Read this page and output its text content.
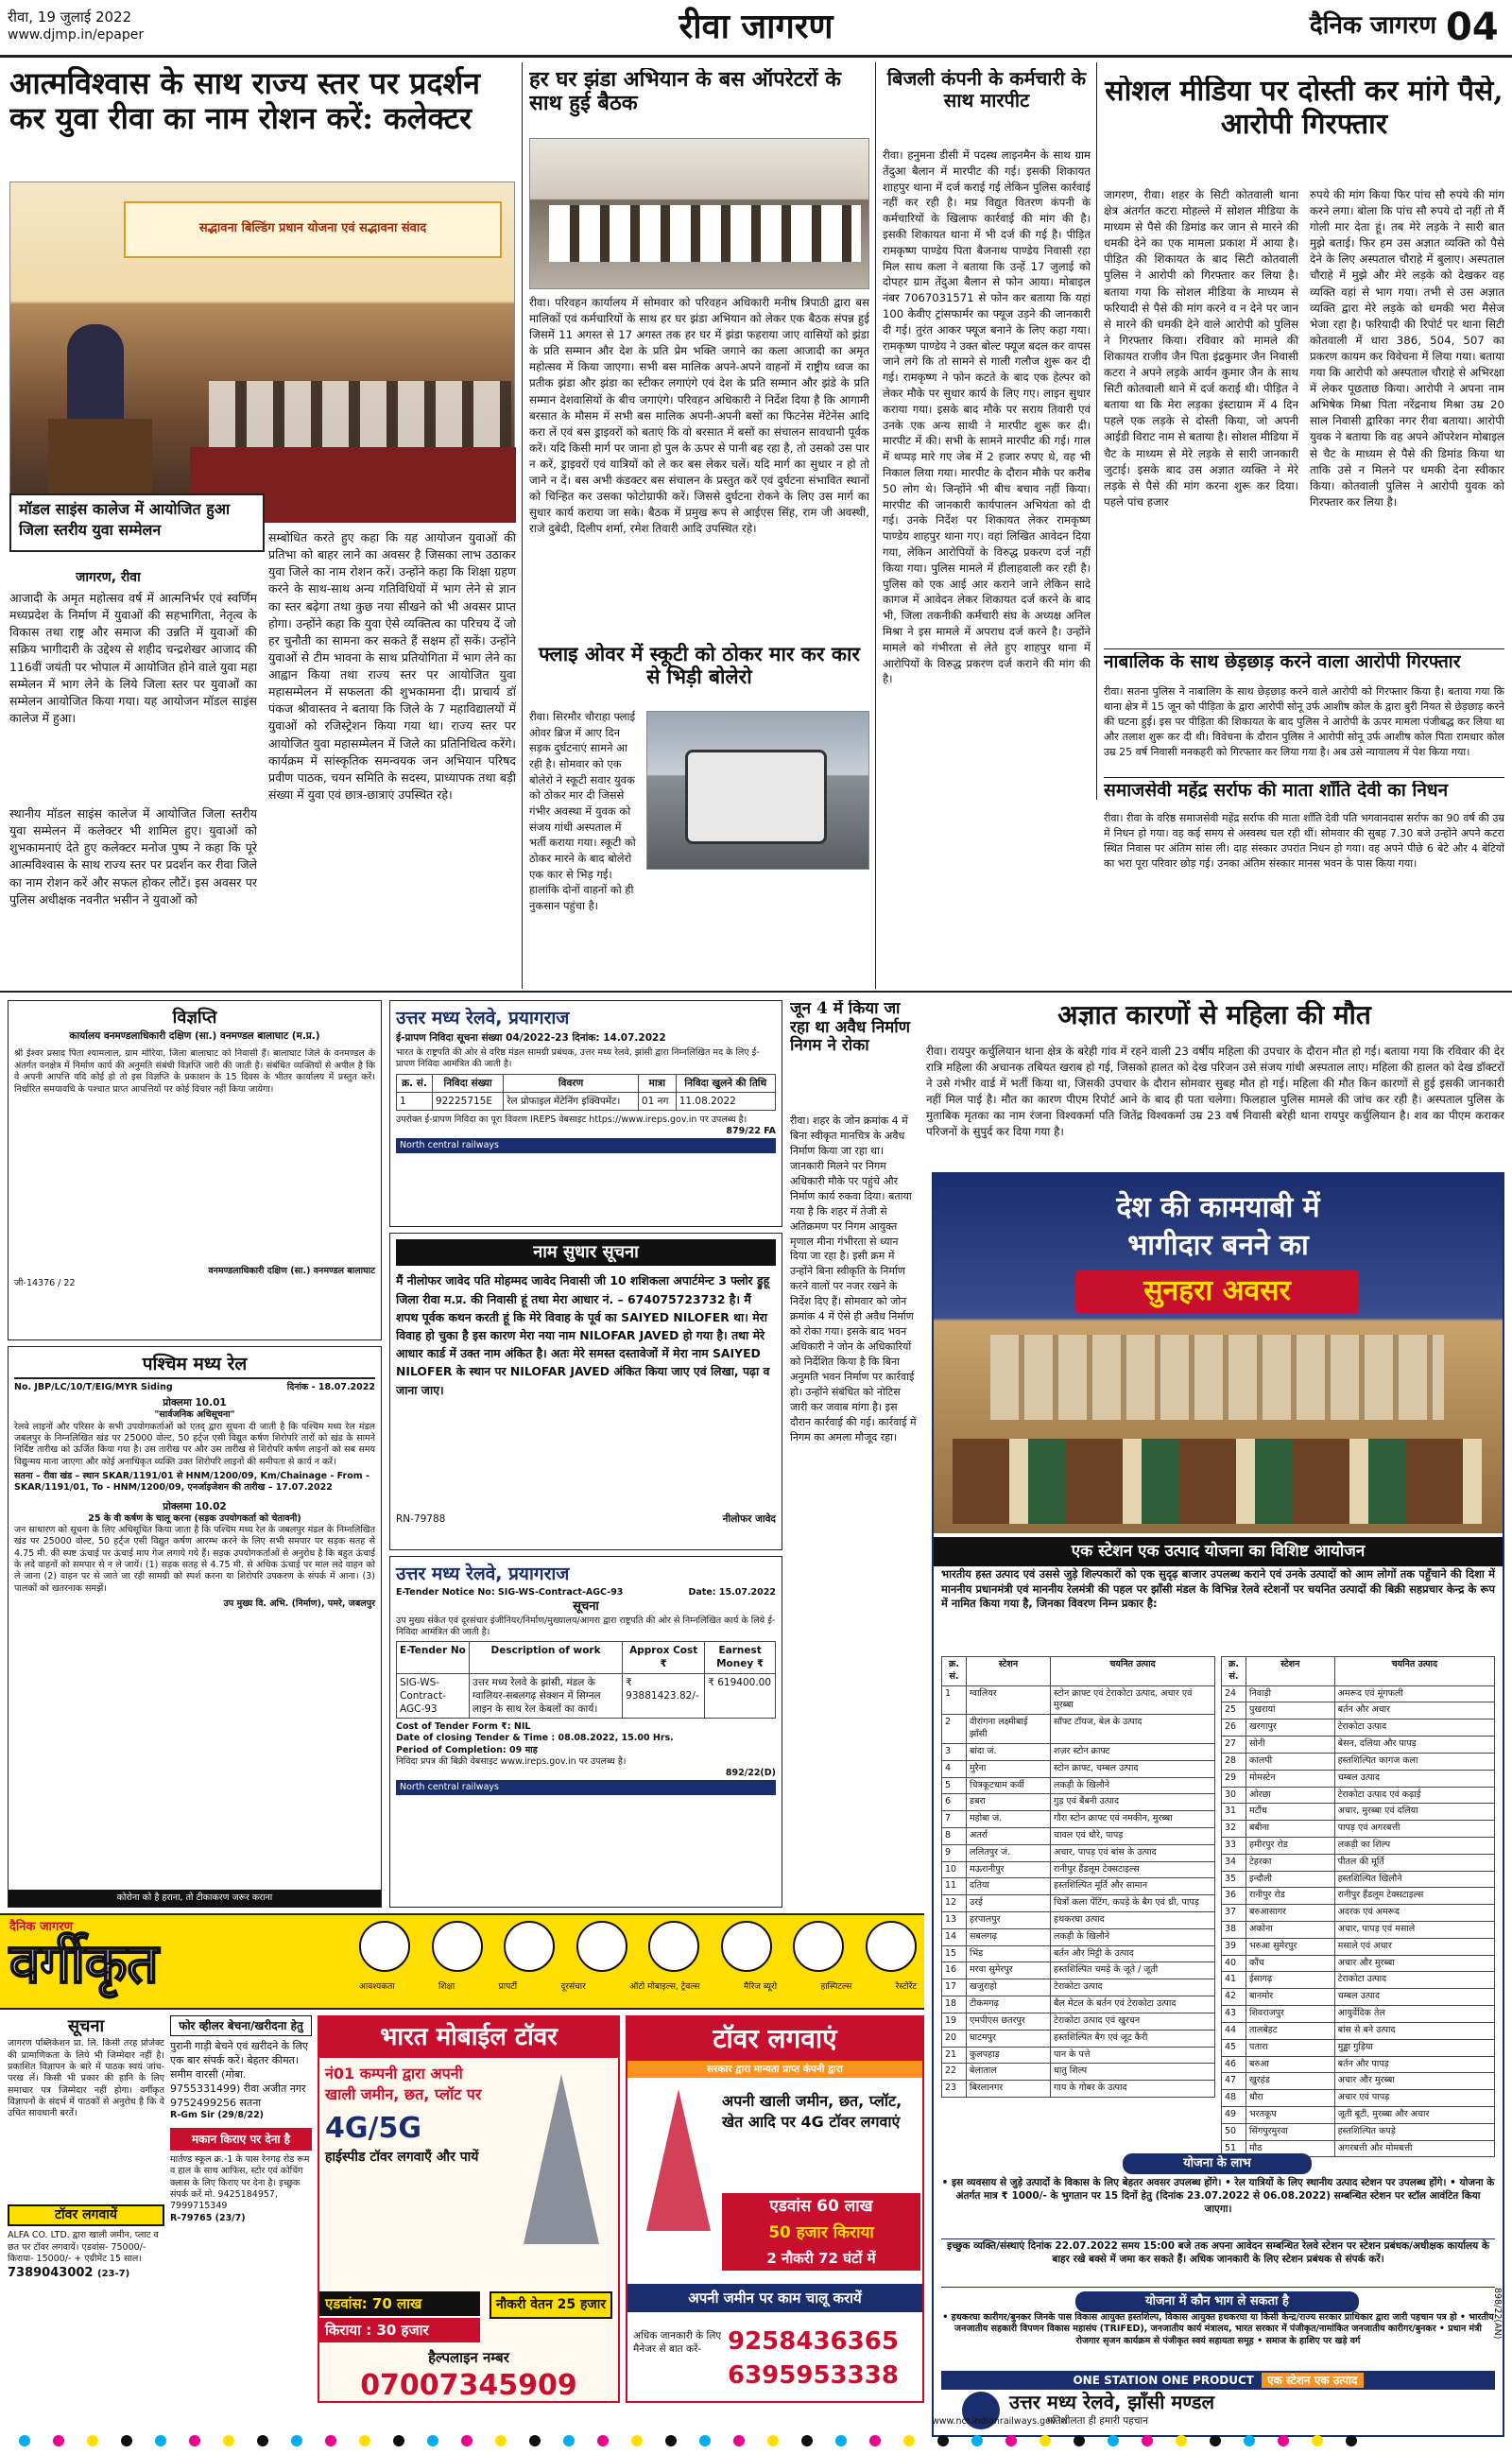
रीवा, 19 जुलाई 2022
www.djmp.in/epaper	रीवा जागरण	दैनिक जागरण 04
आत्मविश्वास के साथ राज्य स्तर पर प्रदर्शन कर युवा रीवा का नाम रोशन करें: कलेक्टर
सद्भावना बिल्डिंग प्रधान योजना एवं सद्भावना संवाद
मॉडल साइंस कालेज में आयोजित हुआ जिला स्तरीय युवा सम्मेलन
जागरण, रीवा
आजादी के अमृत महोत्सव वर्ष में आत्मनिर्भर एवं स्वर्णिम मध्यप्रदेश के निर्माण में युवाओं की सहभागिता, नेतृत्व के विकास तथा राष्ट्र और समाज की उन्नति में युवाओं की सक्रिय भागीदारी के उद्देश्य से शहीद चन्द्रशेखर आजाद की 116वीं जयंती पर भोपाल में आयोजित होने वाले युवा महा सम्मेलन में भाग लेने के लिये जिला स्तर पर युवाओं का सम्मेलन आयोजित किया गया। यह आयोजन मॉडल साइंस कालेज में हुआ।
स्थानीय मॉडल साइंस कालेज में आयोजित जिला स्तरीय युवा सम्मेलन में कलेक्टर भी शामिल हुए। युवाओं को शुभकामनाएं देते हुए कलेक्टर मनोज पुष्प ने कहा कि पूरे आत्मविश्वास के साथ राज्य स्तर पर प्रदर्शन कर रीवा जिले का नाम रोशन करें और सफल होकर लौटें। इस अवसर पर पुलिस अधीक्षक नवनीत भसीन ने युवाओं को
सम्बोधित करते हुए कहा कि यह आयोजन युवाओं की प्रतिभा को बाहर लाने का अवसर है जिसका लाभ उठाकर युवा जिले का नाम रोशन करें। उन्होंने कहा कि शिक्षा ग्रहण करने के साथ-साथ अन्य गतिविधियों में भाग लेने से ज्ञान का स्तर बढ़ेगा तथा कुछ नया सीखने को भी अवसर प्राप्त होगा। उन्होंने कहा कि युवा ऐसे व्यक्तित्व का परिचय दें जो हर चुनौती का सामना कर सकते हैं सक्षम हों सकें। उन्होंने युवाओं से टीम भावना के साथ प्रतियोगिता में भाग लेने का आह्वान किया तथा राज्य स्तर पर आयोजित युवा महासम्मेलन में सफलता की शुभकामना दी। प्राचार्य डॉ पंकज श्रीवास्तव ने बताया कि जिले के 7 महाविद्यालयों में युवाओं को रजिस्ट्रेशन किया गया था। राज्य स्तर पर आयोजित युवा महासम्मेलन में जिले का प्रतिनिधित्व करेंगे। कार्यक्रम में सांस्कृतिक समन्वयक जन अभियान परिषद प्रवीण पाठक, चयन समिति के सदस्य, प्राध्यापक तथा बड़ी संख्या में युवा एवं छात्र-छात्राएं उपस्थित रहे।
हर घर झंडा अभियान के बस ऑपरेटरों के साथ हुई बैठक
रीवा। परिवहन कार्यालय में सोमवार को परिवहन अधिकारी मनीष त्रिपाठी द्वारा बस मालिकों एवं कर्मचारियों के साथ हर घर झंडा अभियान को लेकर एक बैठक संपन्न हुई जिसमें 11 अगस्त से 17 अगस्त तक हर घर में झंडा फहराया जाए वासियों को झंडा के प्रति सम्मान और देश के प्रति प्रेम भक्ति जगाने का कला आजादी का अमृत महोत्सव में किया जाएगा। सभी बस मालिक अपने-अपने वाहनों में राष्ट्रीय ध्वज का प्रतीक झंडा और झंडा का स्टीकर लगाएंगे एवं देश के प्रति सम्मान और झंडे के प्रति सम्मान देशवासियों के बीच जगाएंगे। परिवहन अधिकारी ने निर्देश दिया है कि आगामी बरसात के मौसम में सभी बस मालिक अपनी-अपनी बसों का फिटनेस मेंटेनेंस आदि करा लें एवं बस ड्राइवरों को बताएं कि वो बरसात में बसों का संचालन सावधानी पूर्वक करें। यदि किसी मार्ग पर जाना हो पुल के ऊपर से पानी बह रहा है, तो उसको उस पार न करें, ड्राइवरों एवं यात्रियों को ले कर बस लेकर चलें। यदि मार्ग का सुधार न हो तो जाने न दें। बस अभी कंडक्टर बस संचालन के प्रस्तुत करें एवं दुर्घटना संभावित स्थानों को चिन्हित कर उसका फोटोग्राफी करें। जिससे दुर्घटना रोकने के लिए उस मार्ग का सुधार कार्य कराया जा सके। बैठक में प्रमुख रूप से आईएस सिंह, राम जी अवस्थी, राजे दुबेदी, दिलीप शर्मा, रमेश तिवारी आदि उपस्थित रहे।
फ्लाइ ओवर में स्कूटी को ठोकर मार कर कार से भिड़ी बोलेरो
रीवा। सिरमौर चौराहा फ्लाई ओवर ब्रिज में आए दिन सड़क दुर्घटनाएं सामने आ रही है। सोमवार को एक बोलेरो ने स्कूटी सवार युवक को ठोकर मार दी जिससे गंभीर अवस्था में युवक को संजय गांधी अस्पताल में भर्ती कराया गया। स्कूटी को ठोकर मारने के बाद बोलेरो एक कार से भिड़ गई। हालांकि दोनों वाहनों को ही नुकसान पहुंचा है।
बिजली कंपनी के कर्मचारी के साथ मारपीट
रीवा। हनुमना डीसी में पदस्थ लाइनमैन के साथ ग्राम तेंदुआ बैलान में मारपीट की गई। इसकी शिकायत शाहपुर थाना में दर्ज कराई गई लेकिन पुलिस कार्रवाई नहीं कर रही है। मप्र विद्युत वितरण कंपनी के कर्मचारियों के खिलाफ कार्रवाई की मांग की है। इसकी शिकायत थाना में भी दर्ज की गई है। पीड़ित रामकृष्ण पाण्डेय पिता बैजनाथ पाण्डेय निवासी रहा मिल साथ कला ने बताया कि उन्हें 17 जुलाई को दोपहर ग्राम तेंदुआ बैलान से फोन आया। मोबाइल नंबर 7067031571 से फोन कर बताया कि यहां 100 केवीए ट्रांसफार्मर का फ्यूज उड़ने की जानकारी दी गई। तुरंत आकर फ्यूज बनाने के लिए कहा गया। रामकृष्ण पाण्डेय ने उक्त बोल्ट फ्यूज बदल कर वापस जाने लगे कि तो सामने से गाली गलौज शुरू कर दी गई। रामकृष्ण ने फोन कटते के बाद एक हेल्पर को लेकर मौके पर सुधार कार्य के लिए गए। लाइन सुधार कराया गया। इसके बाद मौके पर सराय तिवारी एवं उनके एक अन्य साथी ने मारपीट शुरू कर दी। मारपीट में की। सभी के सामने मारपीट की गई। गाल में थप्पड़ मारे गए जेब में 2 हजार रुपए थे, वह भी निकाल लिया गया। मारपीट के दौरान मौके पर करीब 50 लोग थे। जिन्होंने भी बीच बचाव नहीं किया। मारपीट की जानकारी कार्यपालन अभियंता को दी गई। उनके निर्देश पर शिकायत लेकर रामकृष्ण पाण्डेय शाहपुर थाना गए। वहां लिखित आवेदन दिया गया, लेकिन आरोपियों के विरुद्ध प्रकरण दर्ज नहीं किया गया। पुलिस मामले में हीलाहवाली कर रही है। पुलिस को एक आई आर कराने जाने लेकिन सादे कागज में आवेदन लेकर शिकायत दर्ज करने के बाद भी, जिला तकनीकी कर्मचारी संघ के अध्यक्ष अनिल मिश्रा ने इस मामले में अपराध दर्ज करने है। उन्होंने मामले को गंभीरता से लेते हुए शाहपुर थाना में आरोपियों के विरुद्ध प्रकरण दर्ज कराने की मांग की है।
सोशल मीडिया पर दोस्ती कर मांगे पैसे, आरोपी गिरफ्तार
जागरण, रीवा। शहर के सिटी कोतवाली थाना क्षेत्र अंतर्गत कटरा मोहल्ले में सोशल मीडिया के माध्यम से पैसे की डिमांड कर जान से मारने की धमकी देने का एक मामला प्रकाश में आया है। पीड़ित की शिकायत के बाद सिटी कोतवाली पुलिस ने आरोपी को गिरफ्तार कर लिया है। बताया गया कि सोशल मीडिया के माध्यम से फरियादी से पैसे की मांग करने व न देने पर जान से मारने की धमकी देने वाले आरोपी को पुलिस ने गिरफ्तार किया। रविवार को मामले की शिकायत राजीव जैन पिता इंद्रकुमार जैन निवासी कटरा ने अपने लड़के आर्यन कुमार जैन के साथ सिटी कोतवाली थाने में दर्ज कराई थी। पीड़ित ने बताया था कि मेरा लड़का इंस्टाग्राम में 4 दिन पहले एक लड़के से दोस्ती किया, जो अपनी आईडी विराट नाम से बताया है। सोशल मीडिया में चैट के माध्यम से मेरे लड़के से सारी जानकारी जुटाई। इसके बाद उस अज्ञात व्यक्ति ने मेरे लड़के से पैसे की मांग करना शुरू कर दिया। पहले पांच हजार
रुपये की मांग किया फिर पांच सौ रुपये की मांग करने लगा। बोला कि पांच सौ रुपये दो नहीं तो मैं गोली मार देता हूं। तब मेरे लड़के ने सारी बात मुझे बताई। फिर हम उस अज्ञात व्यक्ति को पैसे देने के लिए अस्पताल चौराहे में बुलाए। अस्पताल चौराहे में मुझे और मेरे लड़के को देखकर वह व्यक्ति वहां से भाग गया। तभी से उस अज्ञात व्यक्ति द्वारा मेरे लड़के को धमकी भरा मैसेज भेजा रहा है। फरियादी की रिपोर्ट पर थाना सिटी कोतवाली में धारा 386, 504, 507 का प्रकरण कायम कर विवेचना में लिया गया। बताया गया कि आरोपी को अस्पताल चौराहे से अभिरक्षा में लेकर पूछताछ किया। आरोपी ने अपना नाम अभिषेक मिश्रा पिता नरेंद्रनाथ मिश्रा उम्र 20 साल निवासी द्वारिका नगर रीवा बताया। आरोपी युवक ने बताया कि वह अपने ऑपरेशन मोबाइल से चैट के माध्यम से पैसे की डिमांड किया था ताकि उसे न मिलने पर धमकी देना स्वीकार किया। कोतवाली पुलिस ने आरोपी युवक को गिरफ्तार कर लिया है।
नाबालिक के साथ छेड़छाड़ करने वाला आरोपी गिरफ्तार
रीवा। सतना पुलिस ने नाबालिग के साथ छेड़छाड़ करने वाले आरोपी को गिरफ्तार किया है। बताया गया कि थाना क्षेत्र में 15 जून को पीड़िता के द्वारा आरोपी सोनू उर्फ आशीष कोल के द्वारा बुरी नियत से छेड़छाड़ करने की घटना हुई। इस पर पीड़िता की शिकायत के बाद पुलिस ने आरोपी के ऊपर मामला पंजीबद्ध कर लिया था और तलाश शुरू कर दी थी। विवेचना के दौरान पुलिस ने आरोपी सोनू उर्फ आशीष कोल पिता रामधार कोल उम्र 25 वर्ष निवासी मनकहरी को गिरफ्तार कर लिया गया है। अब उसे न्यायालय में पेश किया गया।
समाजसेवी महेंद्र सर्राफ की माता शाँति देवी का निधन
रीवा। रीवा के वरिष्ठ समाजसेवी महेंद्र सर्राफ की माता शाँति देवी पति भगवानदास सर्राफ का 90 वर्ष की उम्र में निधन हो गया। वह कई समय से अस्वस्थ चल रही थीं। सोमवार की सुबह 7.30 बजे उन्होंने अपने कटरा स्थित निवास पर अंतिम सांस ली। दाह संस्कार उपरांत निधन हो गया। वह अपने पीछे 6 बेटे और 4 बेटियों का भरा पूरा परिवार छोड़ गई। उनका अंतिम संस्कार मानस भवन के पास किया गया।
अज्ञात कारणों से महिला की मौत
रीवा। रायपुर कर्चुलियान थाना क्षेत्र के बरेही गांव में रहने वाली 23 वर्षीय महिला की उपचार के दौरान मौत हो गई। बताया गया कि रविवार की देर रात्रि महिला की अचानक तबियत खराब हो गई, जिसको हालत को देख परिजन उसे संजय गांधी अस्पताल लाए। महिला की हालत को देख डॉक्टरों ने उसे गंभीर वार्ड में भर्ती किया था, जिसकी उपचार के दौरान सोमवार सुबह मौत हो गई। महिला की मौत किन कारणों से हुई इसकी जानकारी नहीं मिल पाई है। मौत का कारण पीएम रिपोर्ट आने के बाद ही पता चलेगा। फिलहाल पुलिस मामले की जांच कर रही है। अस्पताल पुलिस के मुताबिक मृतका का नाम रंजना विश्वकर्मा पति जितेंद्र विश्वकर्मा उम्र 23 वर्ष निवासी बरेही थाना रायपुर कर्चुलियान है। शव का पीएम कराकर परिजनों के सुपुर्द कर दिया गया है।
जून 4 में किया जा रहा था अवैध निर्माण निगम ने रोका
रीवा। शहर के जोन क्रमांक 4 में बिना स्वीकृत मानचित्र के अवैध निर्माण किया जा रहा था। जानकारी मिलने पर निगम अधिकारी मौके पर पहुंचे और निर्माण कार्य रुकवा दिया। बताया गया है कि शहर में तेजी से अतिक्रमण पर निगम आयुक्त मृणाल मीना गंभीरता से ध्यान दिया जा रहा है। इसी क्रम में उन्होंने बिना स्वीकृति के निर्माण करने वालों पर नजर रखने के निर्देश दिए हैं। सोमवार को जोन क्रमांक 4 में ऐसे ही अवैध निर्माण को रोका गया। इसके बाद भवन अधिकारी ने जोन के अधिकारियों को निर्देशित किया है कि बिना अनुमति भवन निर्माण पर कार्रवाई हो। उन्होंने संबंधित को नोटिस जारी कर जवाब मांगा है। इस दौरान कार्रवाई की गई। कार्रवाई में निगम का अमला मौजूद रहा।
विज्ञप्ति
कार्यालय वनमण्डलाधिकारी दक्षिण (सा.) वनमण्डल बालाघाट (म.प्र.)
श्री ईश्वर प्रसाद पिता श्यामलाल, ग्राम मोरिया, जिला बालाघाट को निवासी हैं। बालाघाट जिले के वनमण्डल के अंतर्गत वनक्षेत्र में निर्माण कार्य की अनुमति संबंधी विज्ञप्ति जारी की जाती है। संबंधित व्यक्तियों से अपील है कि वे अपनी आपत्ति यदि कोई हो तो इस विज्ञप्ति के प्रकाशन के 15 दिवस के भीतर कार्यालय में प्रस्तुत करें। निर्धारित समयावधि के पश्चात प्राप्त आपत्तियों पर कोई विचार नहीं किया जायेगा।
वनमण्डलाधिकारी दक्षिण (सा.) वनमण्डल बालाघाट
जी-14376 / 22
उत्तर मध्य रेलवे, प्रयागराज
ई-प्रापण निविदा सूचना संख्या 04/2022-23 दिनांक: 14.07.2022
भारत के राष्ट्रपति की ओर से वरिष्ठ मंडल सामग्री प्रबंधक, उत्तर मध्य रेलवे, झांसी द्वारा निम्नलिखित मद के लिए ई-प्रापण निविदा आमंत्रित की जाती है।
क्र. सं.	निविदा संख्या	विवरण	मात्रा	निविदा खुलने की तिथि
1	92225715E	रेल प्रोफाइल मेंटेनिंग इक्विपमेंट।	01 नग	11.08.2022
उपरोक्त ई-प्रापण निविदा का पूरा विवरण IREPS वेबसाइट https://www.ireps.gov.in पर उपलब्ध है।
879/22 FA
North central railways
नाम सुधार सूचना
मैं नीलोफर जावेद पति मोहम्मद जावेद निवासी जी 10 शशिकला अपार्टमेन्ट 3 फ्लोर ड्रुहू जिला रीवा म.प्र. की निवासी हूं तथा मेरा आधार नं. – 674075723732 है। मैं शपथ पूर्वक कथन करती हूं कि मेरे विवाह के पूर्व का SAIYED NILOFER था। मेरा विवाह हो चुका है इस कारण मेरा नया नाम NILOFAR JAVED हो गया है। तथा मेरे आधार कार्ड में उक्त नाम अंकित है। अतः मेरे समस्त दस्तावेजों में मेरा नाम SAIYED NILOFER के स्थान पर NILOFAR JAVED अंकित किया जाए एवं लिखा, पढ़ा व जाना जाए।
RN-79788	नीलोफर जावेद
उत्तर मध्य रेलवे, प्रयागराज
E-Tender Notice No: SIG-WS-Contract-AGC-93	Date: 15.07.2022
सूचना
उप मुख्य संकेत एवं दूरसंचार इंजीनियर/निर्माण/मुख्यालय/आगरा द्वारा राष्ट्रपति की ओर से निम्नलिखित कार्य के लिये ई-निविदा आमंत्रित की जाती है।
E-Tender No	Description of work	Approx Cost ₹	Earnest Money ₹
SIG-WS-Contract-AGC-93	उत्तर मध्य रेलवे के झांसी, मंडल के ग्वालियर-सबलगढ़ सेक्शन में सिग्नल लाइन के साथ रेल केबलों का कार्य।	₹ 93881423.82/-	₹ 619400.00
Cost of Tender Form ₹: NIL
Date of closing Tender & Time : 08.08.2022, 15.00 Hrs.
Period of Completion: 09 माह
निविदा प्रपत्र की बिक्री वेबसाइट www.ireps.gov.in पर उपलब्ध है।
892/22(D)
North central railways
पश्चिम मध्य रेल
No. JBP/LC/10/T/EIG/MYR Siding	दिनांक - 18.07.2022
प्रोक्लमा 10.01
"सार्वजनिक अधिसूचना"
रेलवे लाइनों और परिसर के सभी उपयोगकर्ताओं को एतद् द्वारा सूचना दी जाती है कि पश्चिम मध्य रेल मंडल जबलपुर के निम्नलिखित खंड पर 25000 वोल्ट, 50 हर्ट्ज एसी विद्युत कर्षण शिरोपरि तारों को खंड के सामने निर्दिष्ट तारीख को ऊर्जित किया गया है। उस तारीख पर और उस तारीख से शिरोपरि कर्षण लाइनों को सब समय विद्युन्मय माना जाएगा और कोई अनाधिकृत व्यक्ति उक्त शिरोपरि लाइनों की समीपता से कार्य न करें।
सतना – रीवा खंड – स्थान SKAR/1191/01 से HNM/1200/09, Km/Chainage - From - SKAR/1191/01, To - HNM/1200/09, एनर्जाइजेशन की तारीख – 17.07.2022
प्रोक्लमा 10.02
25 के वी कर्षण के चालू करना (सड़क उपयोगकर्ता को चेतावनी)
जन साधारण को सूचना के लिए अधिसूचित किया जाता है कि पश्चिम मध्य रेल के जबलपुर मंडल के निम्नलिखित खंड पर 25000 वोल्ट, 50 हर्ट्ज एसी विद्युत कर्षण आरम्भ करने के लिए सभी समपार पर सड़क सतह से 4.75 मी. की स्पष्ट ऊंचाई पर ऊंचाई माप गेज लगाये गये हैं। सड़क उपयोगकर्ताओं से अनुरोध है कि बहुत ऊंचाई के लदे वाहनों को समपार से न ले जायें। (1) सड़क सतह से 4.75 मी. से अधिक ऊंचाई पर माल लदे वाहन को ले जाना (2) वाहन पर से जाते जा रही सामग्री को स्पर्श करना या शिरोपरि उपकरण के संपर्क में आना। (3) पालकों को खतरनाक समझें।
उप मुख्य वि. अभि. (निर्माण), पमरे, जबलपुर
कोरोना को है हराना, तो टीकाकरण जरूर कराना
दैनिक जागरण
वर्गीकृत	आवश्यकता	शिक्षा	प्रापर्टी	दूरसंचार	ऑटो मोबाइल्स, ट्रेवल्स	मैरिज ब्यूरो	हास्पिटल्स	रेस्टोरेंट
सूचना
जागरण पब्लिकेशन प्रा. लि. किसी तरह प्रोजेक्ट की प्रामाणिकता के लिये भी जिम्मेदार नहीं है। प्रकाशित विज्ञापन के बारे में पाठक स्वयं जांच-परख लें। किसी भी प्रकार की हानि के लिए समाचार पत्र जिम्मेदार नहीं होगा। वर्गीकृत विज्ञापनों के संदर्भ में पाठकों से अनुरोध है कि वे उचित सावधानी बरतें।
टॉवर लगवायें
ALFA CO. LTD. द्वारा खाली जमीन, प्लाट व छत पर टॉवर लगवायें। एडवांस- 75000/- किराया- 15000/- + एग्रीमेंट 15 साल।
7389043002 (23-7)
फोर व्हीलर बेचना/खरीदना हेतु
पुरानी गाड़ी बेचने एवं खरीदने के लिए एक बार संपर्क करें। बेहतर कीमत। समीम वारसी (मोबा. 9755331499) रीवा अजीत नगर 9752499256 सतना
R-Gm Sir (29/8/22)
मकान किराए पर देना है
मार्तण्ड स्कूल क्र.-1 के पास रेनगढ़ रोड रूम व हाल के साथ आफिस, स्टोर एवं कोचिंग क्लास के लिए किराए पर देना है। इच्छुक संपर्क करें मो. 9425184957, 7999715349
R-79765 (23/7)
भारत मोबाईल टॉवर
नं01 कम्पनी द्वारा अपनी खाली जमीन, छत, प्लॉट पर
4G/5G
हाईस्पीड टॉवर लगवाएँ और पायें
एडवांस: 70 लाख
किराया : 30 हजार
नौकरी वेतन 25 हजार
हैल्पलाइन नम्बर
07007345909
टॉवर लगवाएं
सरकार द्वारा मान्यता प्राप्त कंपनी द्वारा
अपनी खाली जमीन, छत, प्लॉट, खेत आदि पर 4G टॉवर लगवाएं
एडवांस 60 लाख
50 हजार किराया
2 नौकरी 72 घंटों में
अपनी जमीन पर काम चालू करायें
अधिक जानकारी के लिए मैनेजर से बात करें-	9258436365
6395953338
देश की कामयाबी में
भागीदार बनने का
सुनहरा अवसर
एक स्टेशन एक उत्पाद योजना का विशिष्ट आयोजन
भारतीय हस्त उत्पाद एवं उससे जुड़े शिल्पकारों को एक सुदृढ़ बाजार उपलब्ध कराने एवं उनके उत्पादों को आम लोगों तक पहुँचाने की दिशा में माननीय प्रधानमंत्री एवं माननीय रेलमंत्री की पहल पर झाँसी मंडल के विभिन्न रेलवे स्टेशनों पर चयनित उत्पादों की बिक्री सहप्रचार केन्द्र के रूप में नामित किया गया है, जिनका विवरण निम्न प्रकार है:
क्र. सं.	स्टेशन	चयनित उत्पाद
1	ग्वालियर	स्टोन क्राफ्ट एवं टेराकोटा उत्पाद, अचार एवं मुरब्बा
2	वीरांगना लक्ष्मीबाई झाँसी	सॉफ्ट टॉयज, बेल के उत्पाद
3	बांदा जं.	शज़र स्टोन क्राफ्ट
4	मुरैना	स्टोन क्राफ्ट, चम्बल उत्पाद
5	चित्रकूटधाम कर्वी	लकड़ी के खिलौने
6	डबरा	गुड़ एवं बैंबनी उत्पाद
7	महोबा जं.	गौरा स्टोन क्राफ्ट एवं नमकीन, मुरब्बा
8	अतर्रा	चावल एवं धौरे, पापड़
9	ललितपुर जं.	अचार, पापड़ एवं बांस के उत्पाद
10	मऊरानीपुर	रानीपुर हैंडलूम टेक्सटाइल्स
11	दतिया	हस्तशिल्पित मूर्ति और सामान
12	उरई	चित्रों कला पेंटिंग, कपड़े के बैग एवं थ्री, पापड़
13	हरपालपुर	हथकरघा उत्पाद
14	सबलगढ़	लकड़ी के खिलौने
15	भिंड	बर्तन और मिट्टी के उत्पाद
16	मरवा सुमेरपुर	हस्तशिल्पित चमड़े के जूते / जूती
17	खजुराहो	टेराकोटा उत्पाद
18	टीकमगढ़	बैल मेटल के बर्तन एवं टेराकोटा उत्पाद
19	एमपीएस छतरपुर	टेराकोटा उत्पाद एवं खुरचन
20	घाटमपुर	हस्तशिल्पित बैग एवं जूट कैरी
21	कुलपहाड़	पान के पत्ते
22	बेलाताल	धातु शिल्प
23	बिरलानगर	गाय के गोबर के उत्पाद
क्र. सं.	स्टेशन	चयनित उत्पाद
24	निवाड़ी	अमरूद एवं मूंगफली
25	पुखरायां	बर्तन और अचार
26	खरगापुर	टेराकोटा उत्पाद
27	सोनी	बेसन, दलिया और पापड़
28	कालपी	हस्तशिल्पित कागज कला
29	मोमस्टेन	चम्बल उत्पाद
30	ओरछा	टेराकोटा उत्पाद एवं कढ़ाई
31	मटौंध	अचार, मुरब्बा एवं दलिया
32	बबीना	पापड़ एवं अगरबत्ती
33	हमीरपुर रोड	लकड़ी का शिल्प
34	टेहरका	पीतल की मूर्ति
35	इन्दौली	हस्तशिल्पित खिलौने
36	रानीपुर रोड	रानीपुर हैंडलूम टेक्सटाइल्स
37	बरुआसागर	अदरक एवं अमरूद
38	अकोना	अचार, पापड़ एवं मसाले
39	भरुआ सुमेरपुर	मसाले एवं अचार
40	कौंच	अचार और मुरब्बा
41	ईसागढ़	टेराकोटा उत्पाद
42	बानमोर	चम्बल उत्पाद
43	शिवराजपुर	आयुर्वेदिक तेल
44	तालबेहट	बांस से बने उत्पाद
45	पतारा	मुड्ढा गुड़िया
46	बरुआ	बर्तन और पापड़
47	खुरहंड	अचार और मुरब्बा
48	धौरा	अचार एवं पापड़
49	भरतकूप	जूती बूटी, मुरब्बा और अचार
50	सिंगपुरमुरवा	हस्तशिल्पित कपड़े
51	मौठ	अगरबत्ती और मोमबत्ती
योजना के लाभ
• इस व्यवसाय से जुड़े उत्पादों के विकास के लिए बेहतर अवसर उपलब्ध होंगे। • रेल यात्रियों के लिए स्थानीय उत्पाद स्टेशन पर उपलब्ध होंगे। • योजना के अंतर्गत मात्र ₹ 1000/- के भुगतान पर 15 दिनों हेतु (दिनांक 23.07.2022 से 06.08.2022) सम्बन्धित स्टेशन पर स्टॉल आवंटित किया जाएगा।
इच्छुक व्यक्ति/संस्थाएं दिनांक 22.07.2022 समय 15:00 बजे तक अपना आवेदन सम्बन्धित रेलवे स्टेशन पर स्टेशन प्रबंधक/अधीक्षक कार्यालय के बाहर रखे बक्से में जमा कर सकते हैं। अधिक जानकारी के लिए स्टेशन प्रबंधक से संपर्क करें।
योजना में कौन भाग ले सकता है
• हथकरघा कारीगर/बुनकर जिनके पास विकास आयुक्त हस्तशिल्प, विकास आयुक्त हथकरघा या किसी केन्द्र/राज्य सरकार प्राधिकार द्वारा जारी पहचान पत्र हो • भारतीय जनजातीय सहकारी विपणन विकास महासंघ (TRIFED), जनजातीय कार्य मंत्रालय, भारत सरकार में पंजीकृत/नामांकित जनजातीय कारीगर/बुनकर • प्रधान मंत्री रोजगार सृजन कार्यक्रम से पंजीकृत स्वयं सहायता समूह • समाज के हाशिए पर खड़े वर्ग
ONE STATION ONE PRODUCT	एक स्टेशन एक उत्पाद
उत्तर मध्य रेलवे, झाँसी मण्डल
गतिशीलता ही हमारी पहचान
898/22(AN)
www.ncr.indianrailways.gov.in
